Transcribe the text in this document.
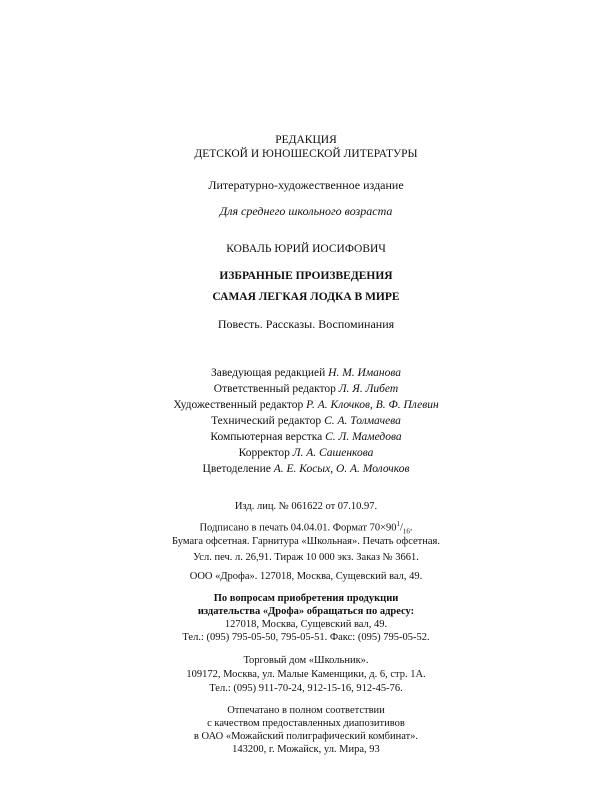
РЕДАКЦИЯ
ДЕТСКОЙ И ЮНОШЕСКОЙ ЛИТЕРАТУРЫ
Литературно-художественное издание
Для среднего школьного возраста
КОВАЛЬ ЮРИЙ ИОСИФОВИЧ
ИЗБРАННЫЕ ПРОИЗВЕДЕНИЯ
САМАЯ ЛЕГКАЯ ЛОДКА В МИРЕ
Повесть. Рассказы. Воспоминания
Заведующая редакцией Н. М. Иманова
Ответственный редактор Л. Я. Либет
Художественный редактор Р. А. Клочков, В. Ф. Плевин
Технический редактор С. А. Толмачева
Компьютерная верстка С. Л. Мамедова
Корректор Л. А. Сашенкова
Цветоделение А. Е. Косых, О. А. Молочков
Изд. лиц. № 061622 от 07.10.97.
Подписано в печать 04.04.01. Формат $70\times 90^1/_{16}$.
Бумага офсетная. Гарнитура «Школьная». Печать офсетная.
Усл. печ. л. 26,91. Тираж 10 000 экз. Заказ № 3661.
ООО «Дрофа». 127018, Москва, Сущевский вал, 49.
По вопросам приобретения продукции
издательства «Дрофа» обращаться по адресу:
127018, Москва, Сущевский вал, 49.
Тел.: (095) 795-05-50, 795-05-51. Факс: (095) 795-05-52.
Торговый дом «Школьник».
109172, Москва, ул. Малые Каменщики, д. 6, стр. 1А.
Тел.: (095) 911-70-24, 912-15-16, 912-45-76.
Отпечатано в полном соответствии
с качеством предоставленных диапозитивов
в ОАО «Можайский полиграфический комбинат».
143200, г. Можайск, ул. Мира, 93
